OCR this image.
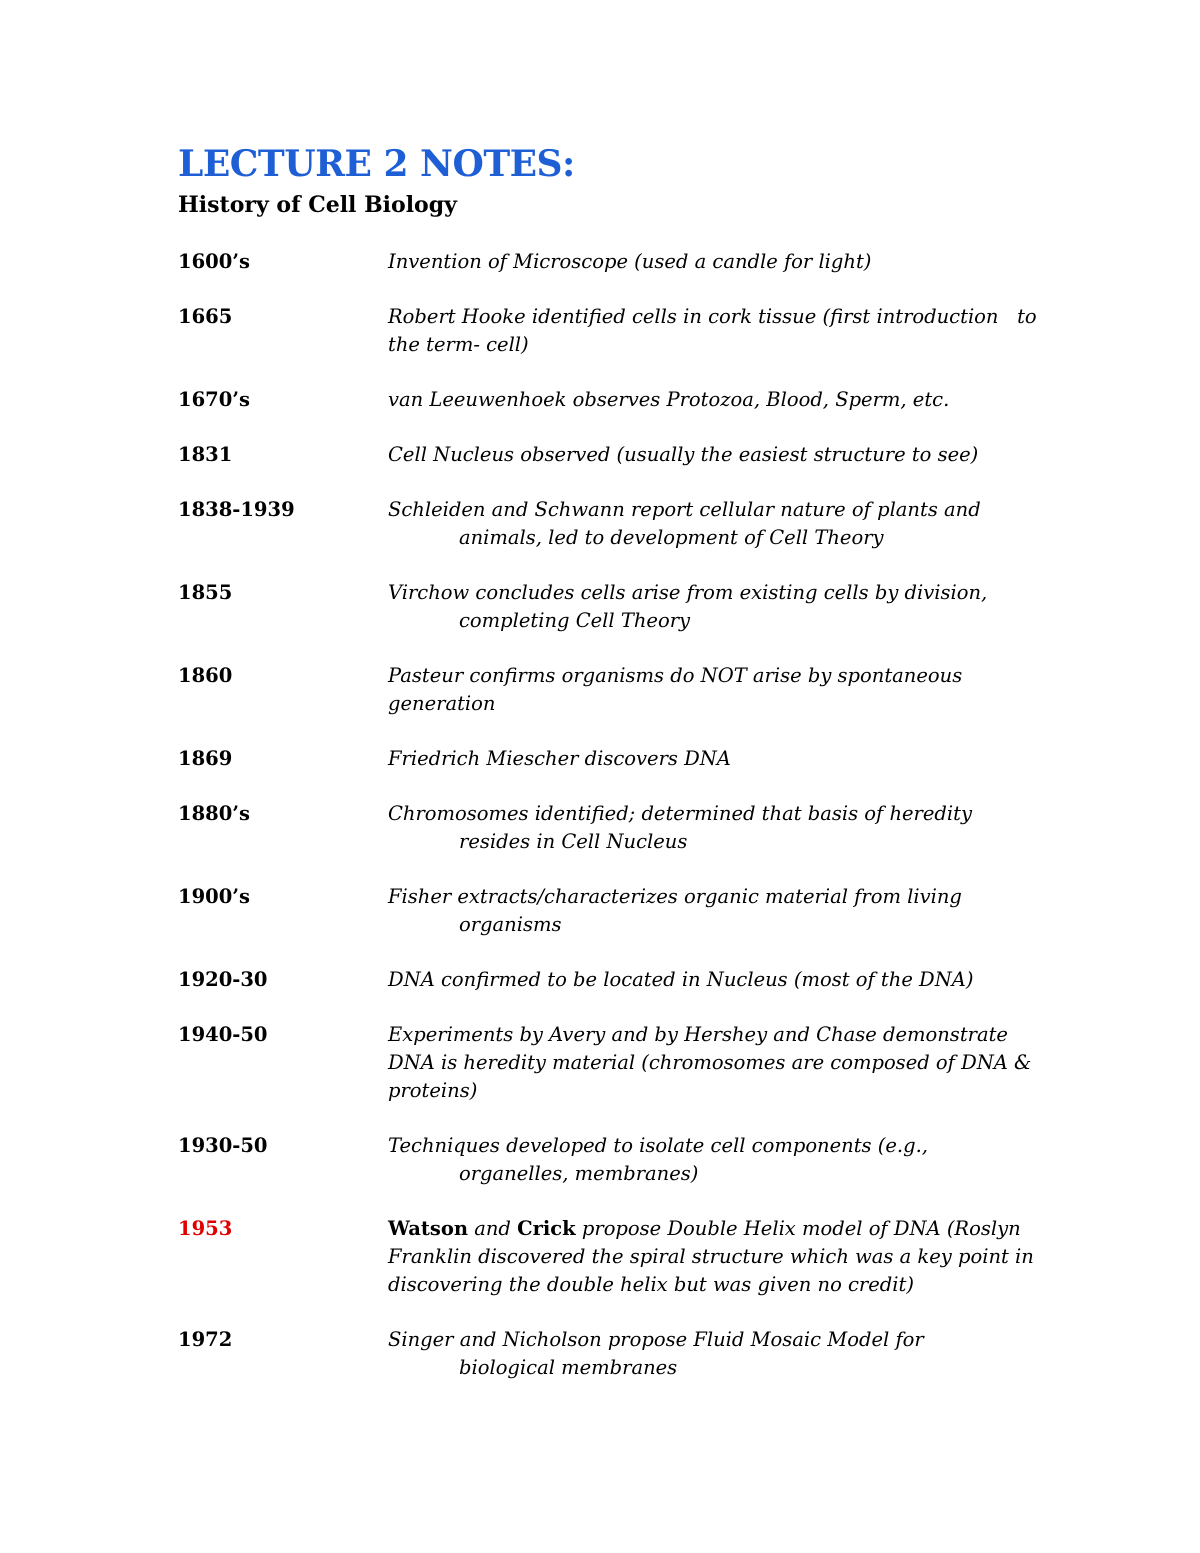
LECTURE 2 NOTES:
History of Cell Biology
1600’s	Invention of Microscope (used a candle for light)
1665	Robert Hooke identified cells in cork tissue (first introduction   to
the term- cell)
1670’s	van Leeuwenhoek observes Protozoa, Blood, Sperm, etc.
1831	Cell Nucleus observed (usually the easiest structure to see)
1838-1939	Schleiden and Schwann report cellular nature of plants and
animals, led to development of Cell Theory
1855	Virchow concludes cells arise from existing cells by division,
completing Cell Theory
1860	Pasteur confirms organisms do NOT arise by spontaneous
generation
1869	Friedrich Miescher discovers DNA
1880’s	Chromosomes identified; determined that basis of heredity
resides in Cell Nucleus
1900’s	Fisher extracts/characterizes organic material from living
organisms
1920-30	DNA confirmed to be located in Nucleus (most of the DNA)
1940-50	Experiments by Avery and by Hershey and Chase demonstrate
DNA is heredity material (chromosomes are composed of DNA &
proteins)
1930-50	Techniques developed to isolate cell components (e.g.,
organelles, membranes)
1953	Watson and Crick propose Double Helix model of DNA (Roslyn
Franklin discovered the spiral structure which was a key point in
discovering the double helix but was given no credit)
1972	Singer and Nicholson propose Fluid Mosaic Model for
biological membranes
